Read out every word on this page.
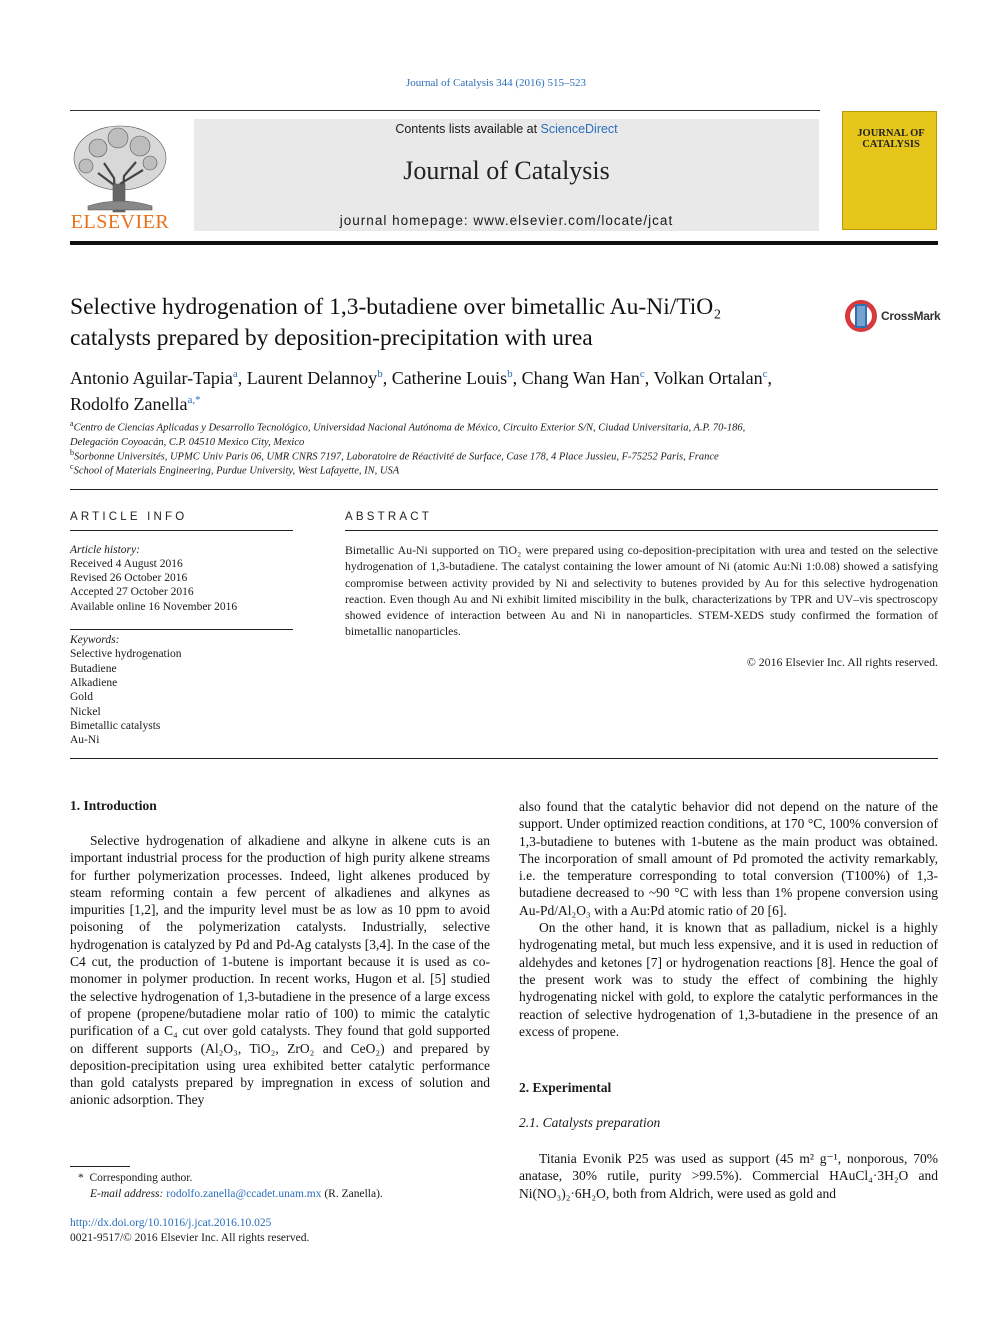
Journal of Catalysis 344 (2016) 515–523
ELSEVIER
Contents lists available at ScienceDirect
Journal of Catalysis
journal homepage: www.elsevier.com/locate/jcat
JOURNAL OF
CATALYSIS
Selective hydrogenation of 1,3-butadiene over bimetallic Au-Ni/TiO₂
catalysts prepared by deposition-precipitation with urea
CrossMark
Antonio Aguilar-Tapia$^a$, Laurent Delannoy$^b$, Catherine Louis$^b$, Chang Wan Han$^c$, Volkan Ortalan$^c$,
Rodolfo Zanella$^{a,*}$
$^a$Centro de Ciencias Aplicadas y Desarrollo Tecnológico, Universidad Nacional Autónoma de México, Circuito Exterior S/N, Ciudad Universitaria, A.P. 70-186,
Delegación Coyoacán, C.P. 04510 Mexico City, Mexico
$^b$Sorbonne Universités, UPMC Univ Paris 06, UMR CNRS 7197, Laboratoire de Réactivité de Surface, Case 178, 4 Place Jussieu, F-75252 Paris, France
$^c$School of Materials Engineering, Purdue University, West Lafayette, IN, USA
ARTICLE INFO	ABSTRACT
Article history:
Received 4 August 2016
Revised 26 October 2016
Accepted 27 October 2016
Available online 16 November 2016
Keywords:
Selective hydrogenation
Butadiene
Alkadiene
Gold
Nickel
Bimetallic catalysts
Au-Ni
Bimetallic Au-Ni supported on TiO₂ were prepared using co-deposition-precipitation with urea and tested on the selective hydrogenation of 1,3-butadiene. The catalyst containing the lower amount of Ni (atomic Au:Ni 1:0.08) showed a satisfying compromise between activity provided by Ni and selectivity to butenes provided by Au for this selective hydrogenation reaction. Even though Au and Ni exhibit limited miscibility in the bulk, characterizations by TPR and UV–vis spectroscopy showed evidence of interaction between Au and Ni in nanoparticles. STEM-XEDS study confirmed the formation of bimetallic nanoparticles.
© 2016 Elsevier Inc. All rights reserved.
1. Introduction

Selective hydrogenation of alkadiene and alkyne in alkene cuts is an important industrial process for the production of high purity alkene streams for further polymerization processes. Indeed, light alkenes produced by steam reforming contain a few percent of alkadienes and alkynes as impurities [1,2], and the impurity level must be as low as 10 ppm to avoid poisoning of the polymerization catalysts. Industrially, selective hydrogenation is catalyzed by Pd and Pd-Ag catalysts [3,4]. In the case of the C4 cut, the production of 1-butene is important because it is used as co-monomer in polymer production. In recent works, Hugon et al. [5] studied the selective hydrogenation of 1,3-butadiene in the presence of a large excess of propene (propene/butadiene molar ratio of 100) to mimic the catalytic purification of a C₄ cut over gold catalysts. They found that gold supported on different supports (Al₂O₃, TiO₂, ZrO₂ and CeO₂) and prepared by deposition-precipitation using urea exhibited better catalytic performance than gold catalysts prepared by impregnation in excess of solution and anionic adsorption. They

also found that the catalytic behavior did not depend on the nature of the support. Under optimized reaction conditions, at 170 °C, 100% conversion of 1,3-butadiene to butenes with 1-butene as the main product was obtained. The incorporation of small amount of Pd promoted the activity remarkably, i.e. the temperature corresponding to total conversion (T100%) of 1,3-butadiene decreased to ~90 °C with less than 1% propene conversion using Au-Pd/Al₂O₃ with a Au:Pd atomic ratio of 20 [6].

On the other hand, it is known that as palladium, nickel is a highly hydrogenating metal, but much less expensive, and it is used in reduction of aldehydes and ketones [7] or hydrogenation reactions [8]. Hence the goal of the present work was to study the effect of combining the highly hydrogenating nickel with gold, to explore the catalytic performances in the reaction of selective hydrogenation of 1,3-butadiene in the presence of an excess of propene.

2. Experimental
2.1. Catalysts preparation

Titania Evonik P25 was used as support (45 m² g⁻¹, nonporous, 70% anatase, 30% rutile, purity >99.5%). Commercial HAuCl₄·3H₂O and Ni(NO₃)₂·6H₂O, both from Aldrich, were used as gold and

* Corresponding author.
E-mail address: rodolfo.zanella@ccadet.unam.mx (R. Zanella).
http://dx.doi.org/10.1016/j.jcat.2016.10.025
0021-9517/© 2016 Elsevier Inc. All rights reserved.
